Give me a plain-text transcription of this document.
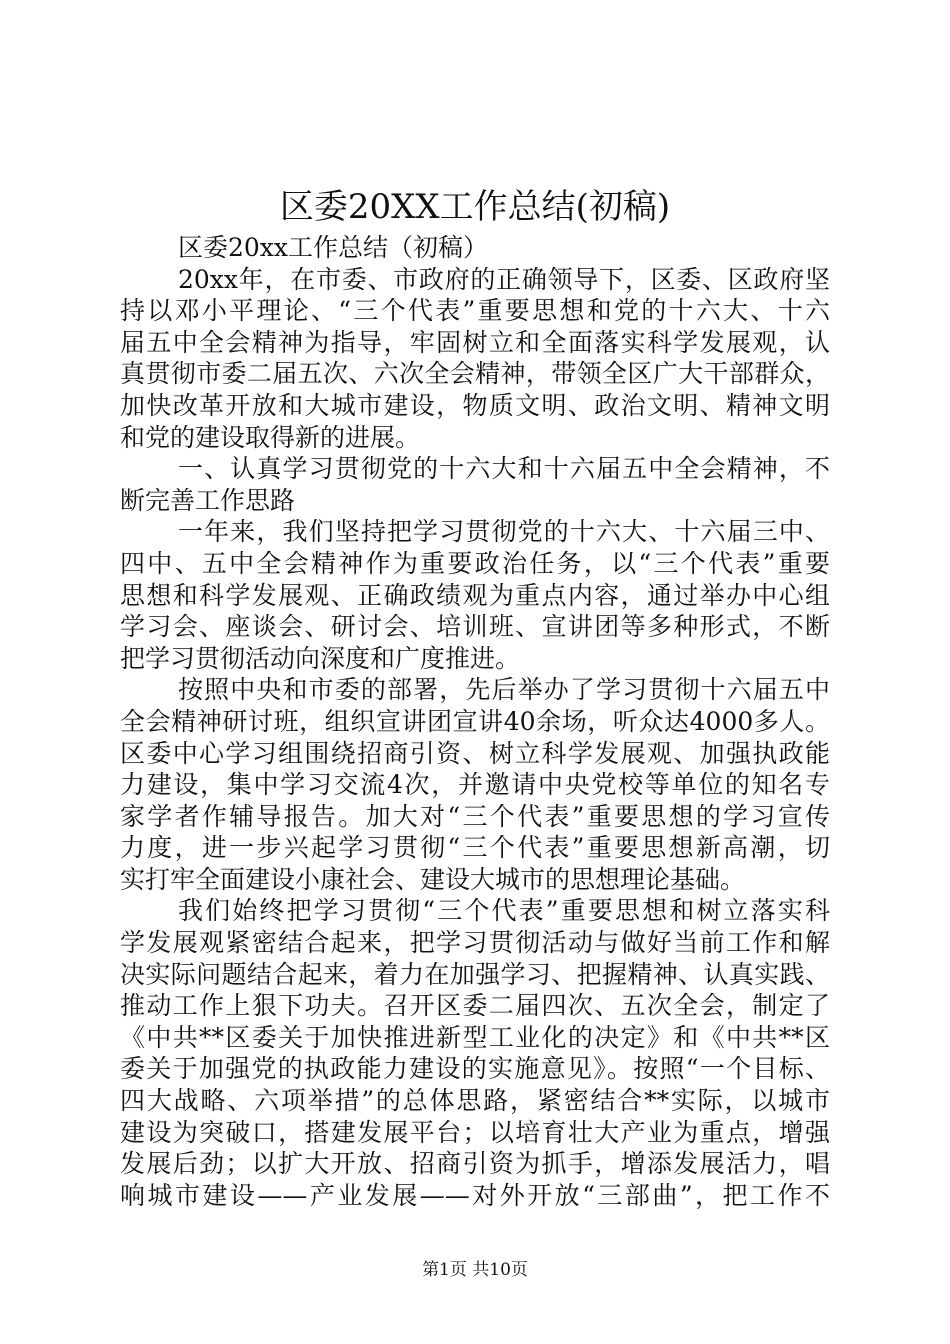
区委20XX工作总结(初稿)
区委20xx工作总结（初稿）
20xx年，在市委、市政府的正确领导下，区委、区政府坚
持以邓小平理论、“三个代表”重要思想和党的十六大、十六
届五中全会精神为指导，牢固树立和全面落实科学发展观，认
真贯彻市委二届五次、六次全会精神，带领全区广大干部群众，
加快改革开放和大城市建设，物质文明、政治文明、精神文明
和党的建设取得新的进展。
一、认真学习贯彻党的十六大和十六届五中全会精神，不
断完善工作思路
一年来，我们坚持把学习贯彻党的十六大、十六届三中、
四中、五中全会精神作为重要政治任务，以“三个代表”重要
思想和科学发展观、正确政绩观为重点内容，通过举办中心组
学习会、座谈会、研讨会、培训班、宣讲团等多种形式，不断
把学习贯彻活动向深度和广度推进。
按照中央和市委的部署，先后举办了学习贯彻十六届五中
全会精神研讨班，组织宣讲团宣讲40余场，听众达4000多人。
区委中心学习组围绕招商引资、树立科学发展观、加强执政能
力建设，集中学习交流4次，并邀请中央党校等单位的知名专
家学者作辅导报告。加大对“三个代表”重要思想的学习宣传
力度，进一步兴起学习贯彻“三个代表”重要思想新高潮，切
实打牢全面建设小康社会、建设大城市的思想理论基础。
我们始终把学习贯彻“三个代表”重要思想和树立落实科
学发展观紧密结合起来，把学习贯彻活动与做好当前工作和解
决实际问题结合起来，着力在加强学习、把握精神、认真实践、
推动工作上狠下功夫。召开区委二届四次、五次全会，制定了
《中共**区委关于加快推进新型工业化的决定》和《中共**区
委关于加强党的执政能力建设的实施意见》。按照“一个目标、
四大战略、六项举措”的总体思路，紧密结合**实际，以城市
建设为突破口，搭建发展平台；以培育壮大产业为重点，增强
发展后劲；以扩大开放、招商引资为抓手，增添发展活力，唱
响城市建设——产业发展——对外开放“三部曲”，把工作不
第1页 共10页
